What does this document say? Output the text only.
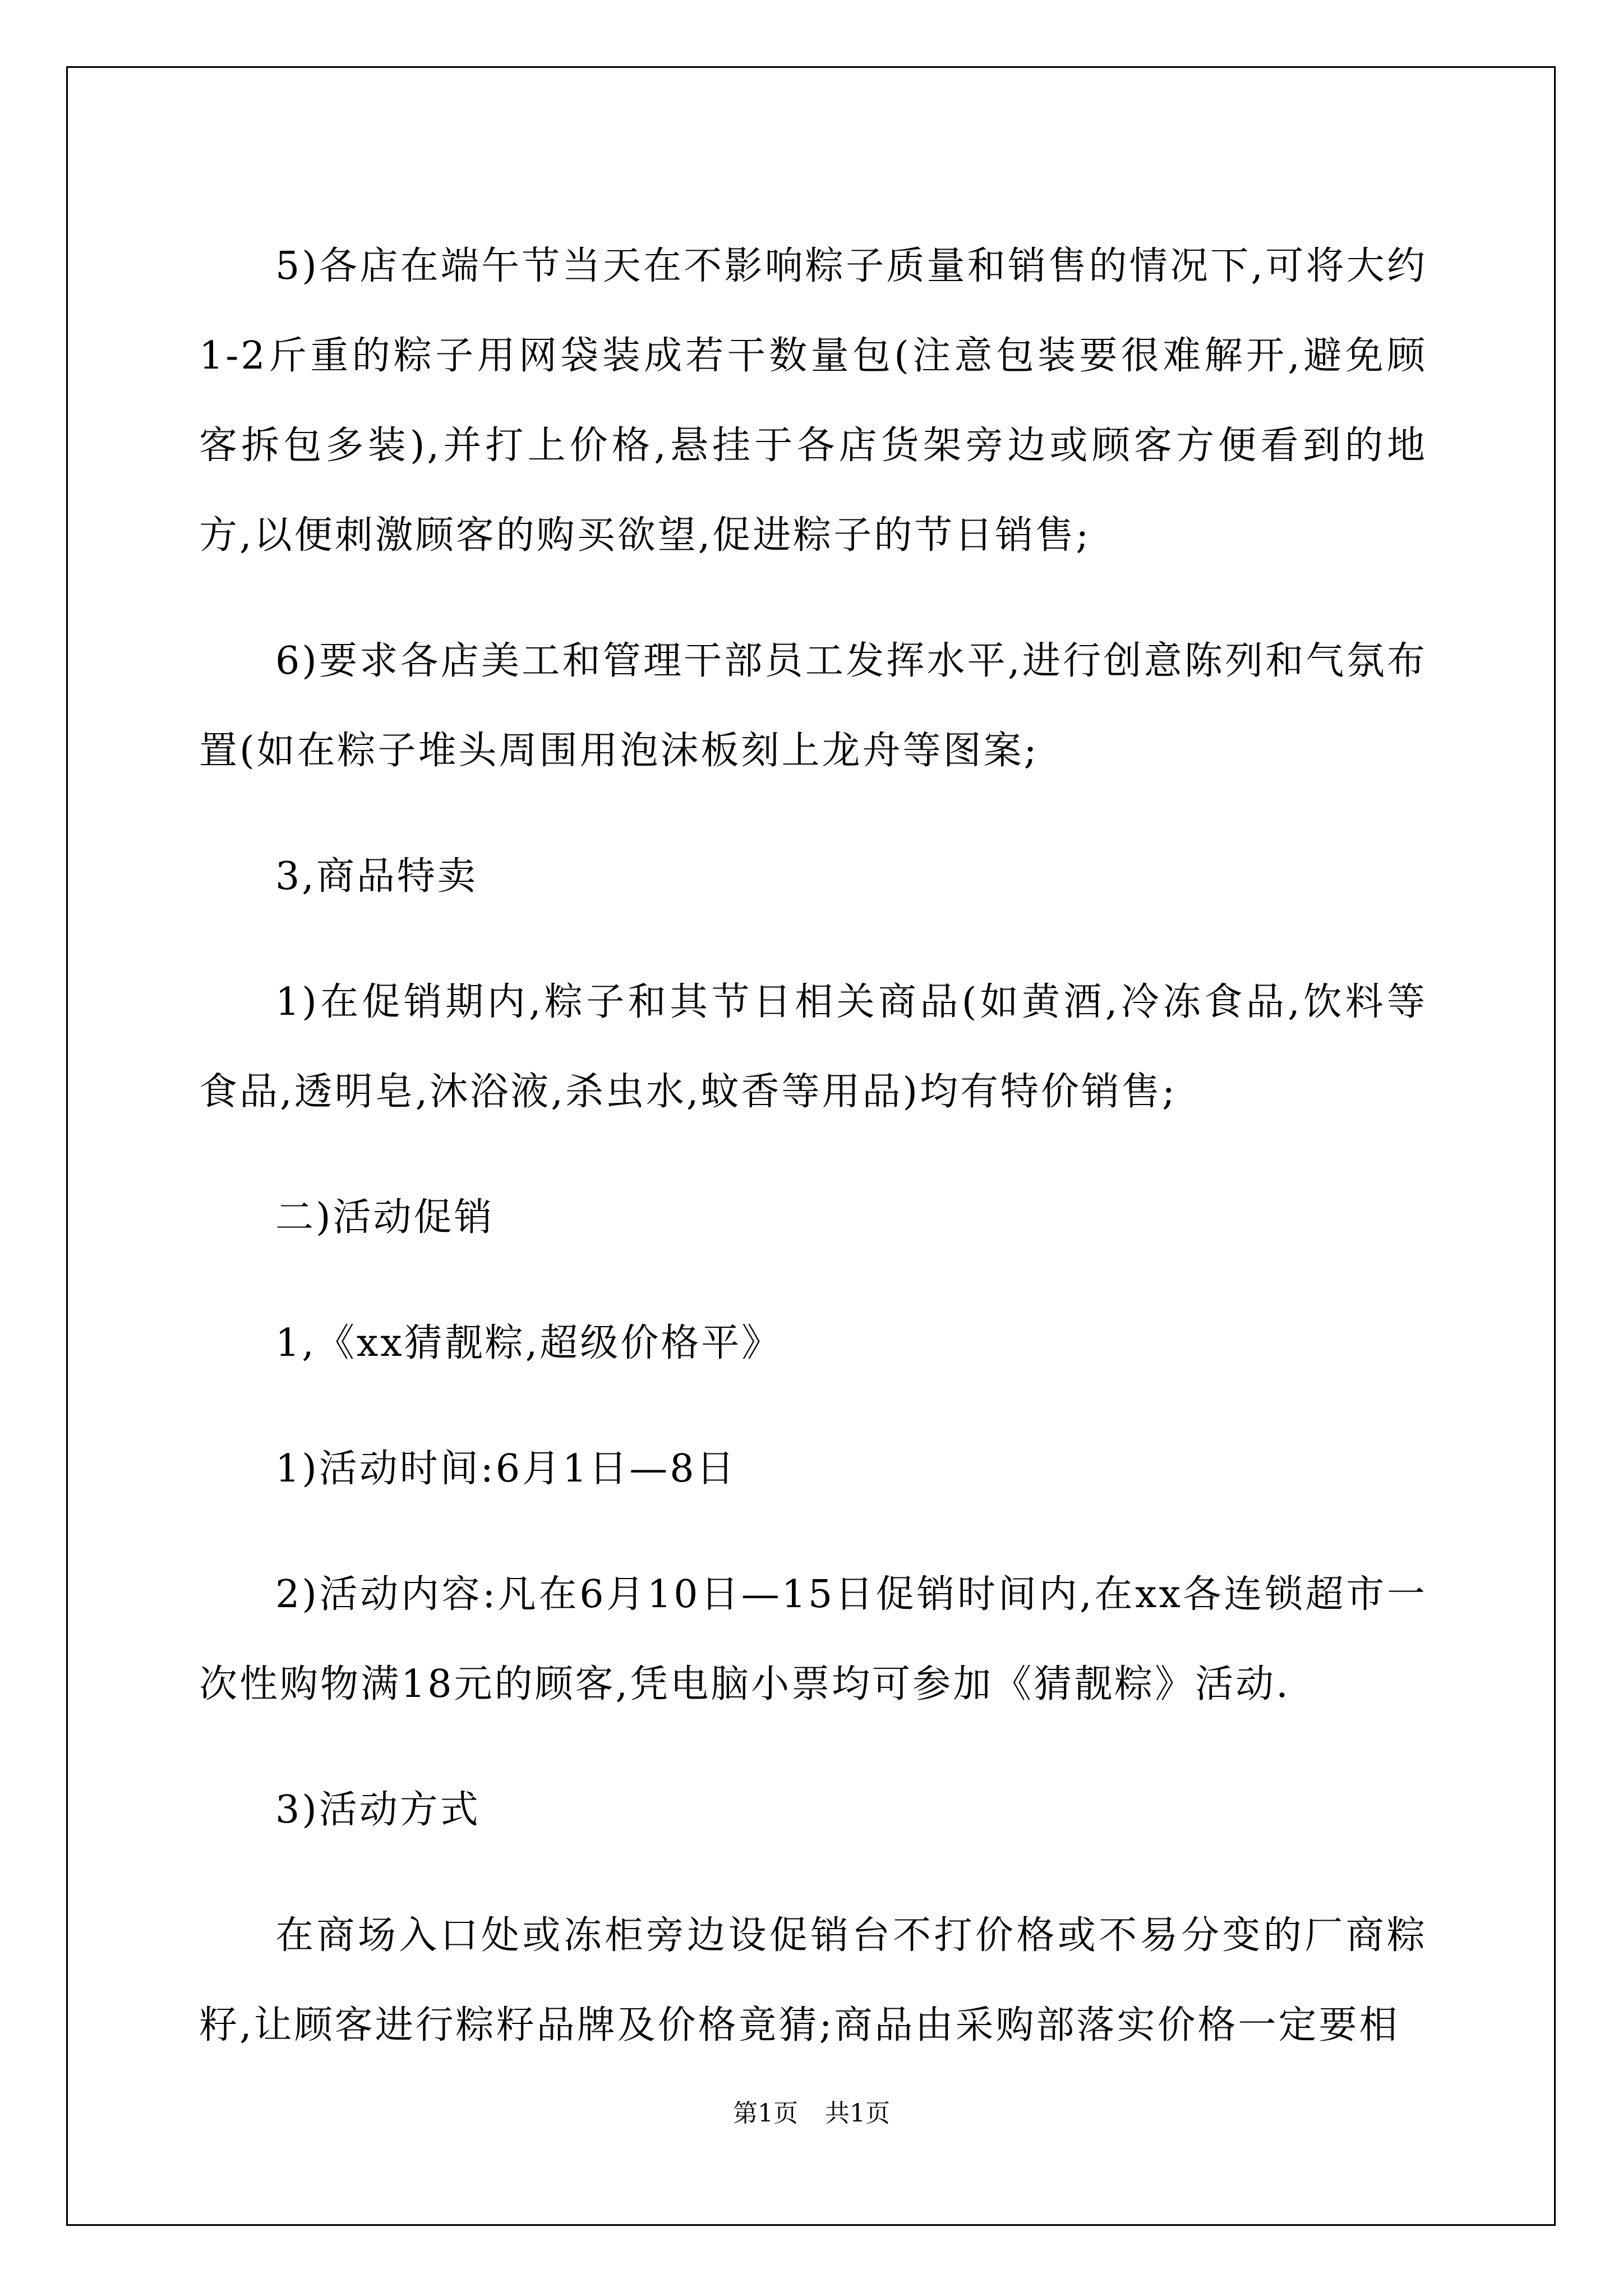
5)各店在端午节当天在不影响粽子质量和销售的情况下,可将大约1-2斤重的粽子用网袋装成若干数量包(注意包装要很难解开,避免顾客拆包多装),并打上价格,悬挂于各店货架旁边或顾客方便看到的地方,以便刺激顾客的购买欲望,促进粽子的节日销售;

6)要求各店美工和管理干部员工发挥水平,进行创意陈列和气氛布置(如在粽子堆头周围用泡沫板刻上龙舟等图案;

3,商品特卖

1)在促销期内,粽子和其节日相关商品(如黄酒,冷冻食品,饮料等食品,透明皂,沐浴液,杀虫水,蚊香等用品)均有特价销售;

二)活动促销

1,《xx猜靓粽,超级价格平》

1)活动时间:6月1日—8日

2)活动内容:凡在6月10日—15日促销时间内,在xx各连锁超市一次性购物满18元的顾客,凭电脑小票均可参加《猜靓粽》活动.

3)活动方式

在商场入口处或冻柜旁边设促销台不打价格或不易分变的厂商粽籽,让顾客进行粽籽品牌及价格竟猜;商品由采购部落实价格一定要相

第1页 共1页
